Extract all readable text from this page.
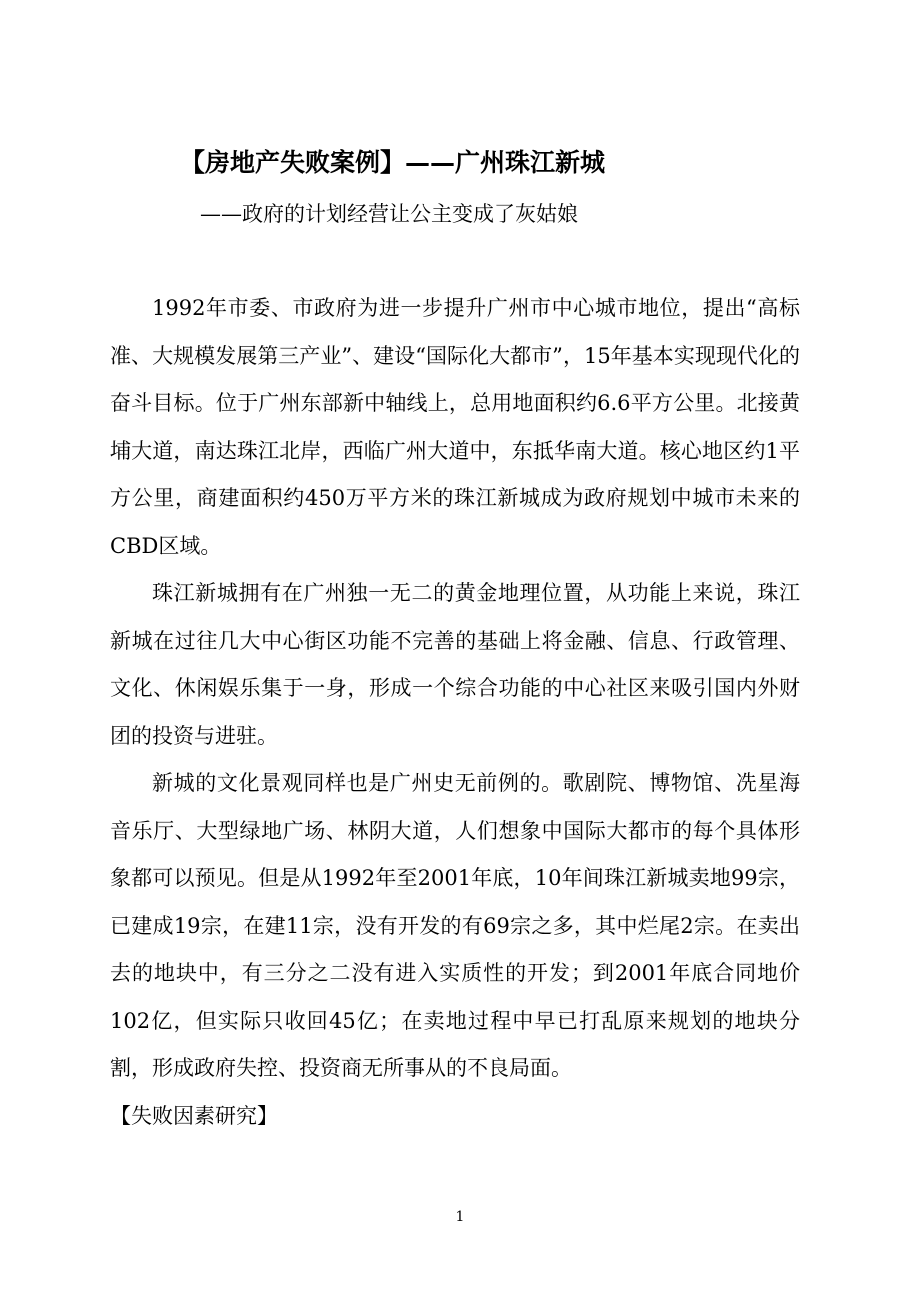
【房地产失败案例】——广州珠江新城
——政府的计划经营让公主变成了灰姑娘

1992年市委、市政府为进一步提升广州市中心城市地位，提出“高标准、大规模发展第三产业”、建设“国际化大都市”，15年基本实现现代化的奋斗目标。位于广州东部新中轴线上，总用地面积约6.6平方公里。北接黄埔大道，南达珠江北岸，西临广州大道中，东抵华南大道。核心地区约1平方公里，商建面积约450万平方米的珠江新城成为政府规划中城市未来的CBD区域。

珠江新城拥有在广州独一无二的黄金地理位置，从功能上来说，珠江新城在过往几大中心街区功能不完善的基础上将金融、信息、行政管理、文化、休闲娱乐集于一身，形成一个综合功能的中心社区来吸引国内外财团的投资与进驻。

新城的文化景观同样也是广州史无前例的。歌剧院、博物馆、冼星海音乐厅、大型绿地广场、林阴大道，人们想象中国际大都市的每个具体形象都可以预见。但是从1992年至2001年底，10年间珠江新城卖地99宗，已建成19宗，在建11宗，没有开发的有69宗之多，其中烂尾2宗。在卖出去的地块中，有三分之二没有进入实质性的开发；到2001年底合同地价102亿，但实际只收回45亿；在卖地过程中早已打乱原来规划的地块分割，形成政府失控、投资商无所事从的不良局面。

【失败因素研究】

1
